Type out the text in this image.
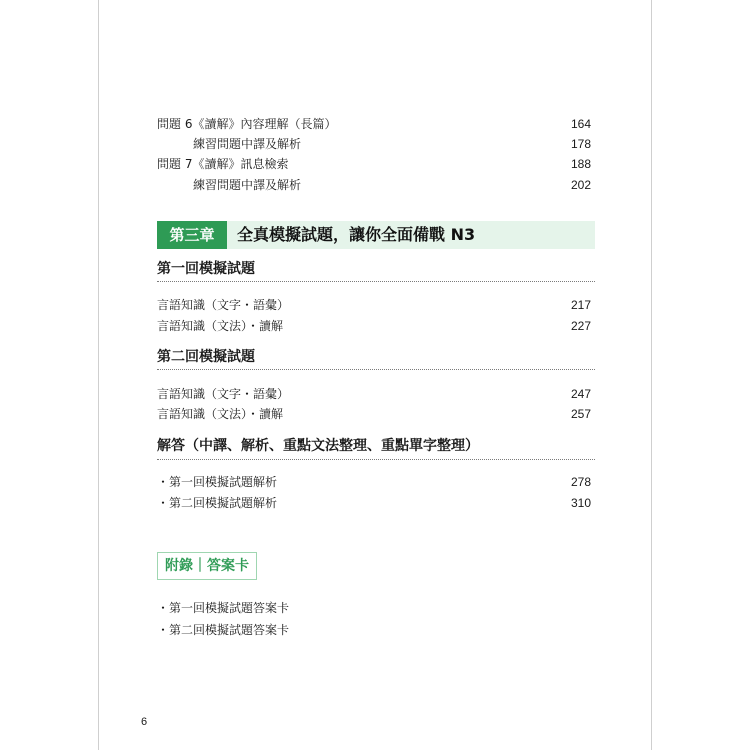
問題 6《讀解》內容理解（長篇）	164
練習問題中譯及解析	178
問題 7《讀解》訊息檢索	188
練習問題中譯及解析	202
第三章	全真模擬試題，讓你全面備戰 N3
第一回模擬試題
言語知識（文字・語彙）	217
言語知識（文法）・讀解	227
第二回模擬試題
言語知識（文字・語彙）	247
言語知識（文法）・讀解	257
解答（中譯、解析、重點文法整理、重點單字整理）
・第一回模擬試題解析	278
・第二回模擬試題解析	310
附錄｜答案卡
・第一回模擬試題答案卡
・第二回模擬試題答案卡
6
